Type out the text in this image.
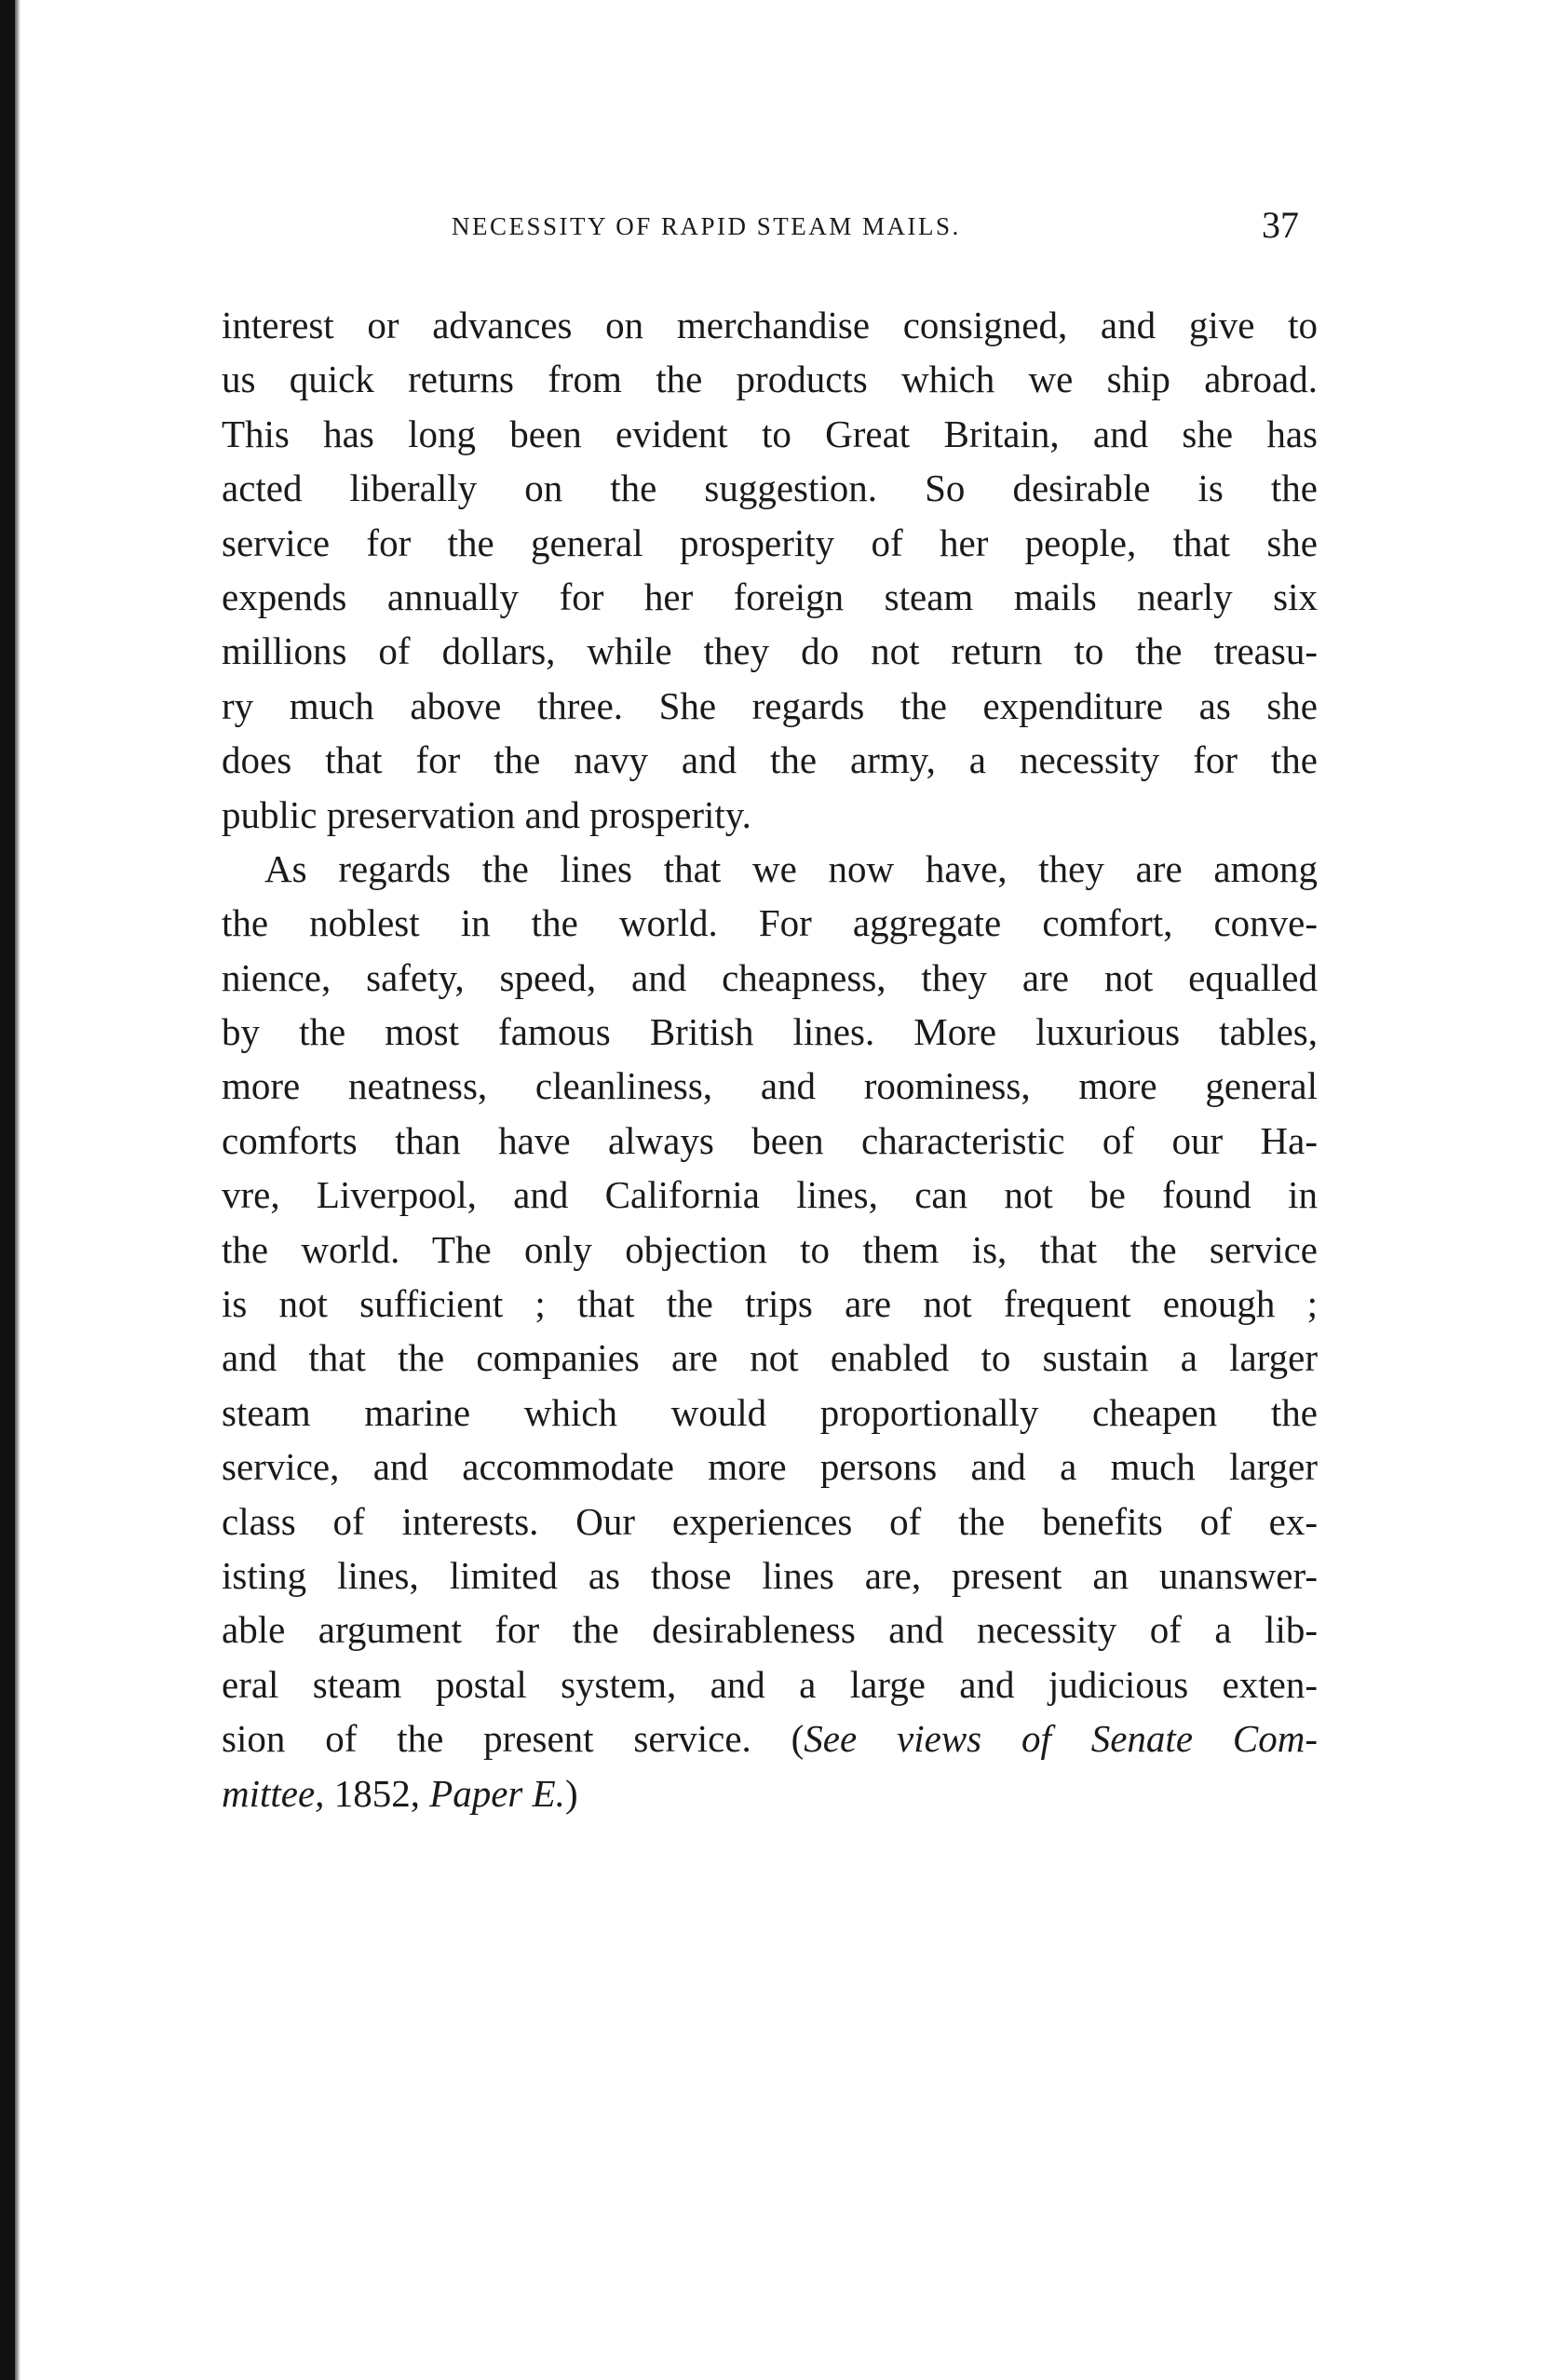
NECESSITY OF RAPID STEAM MAILS.	37
interest or advances on merchandise consigned, and give to
us quick returns from the products which we ship abroad.
This has long been evident to Great Britain, and she has
acted liberally on the suggestion. So desirable is the
service for the general prosperity of her people, that she
expends annually for her foreign steam mails nearly six
millions of dollars, while they do not return to the treasu-
ry much above three. She regards the expenditure as she
does that for the navy and the army, a necessity for the
public preservation and prosperity.
As regards the lines that we now have, they are among
the noblest in the world. For aggregate comfort, conve-
nience, safety, speed, and cheapness, they are not equalled
by the most famous British lines. More luxurious tables,
more neatness, cleanliness, and roominess, more general
comforts than have always been characteristic of our Ha-
vre, Liverpool, and California lines, can not be found in
the world. The only objection to them is, that the service
is not sufficient ; that the trips are not frequent enough ;
and that the companies are not enabled to sustain a larger
steam marine which would proportionally cheapen the
service, and accommodate more persons and a much larger
class of interests. Our experiences of the benefits of ex-
isting lines, limited as those lines are, present an unanswer-
able argument for the desirableness and necessity of a lib-
eral steam postal system, and a large and judicious exten-
sion of the present service. (See views of Senate Com-
mittee, 1852, Paper E.)
